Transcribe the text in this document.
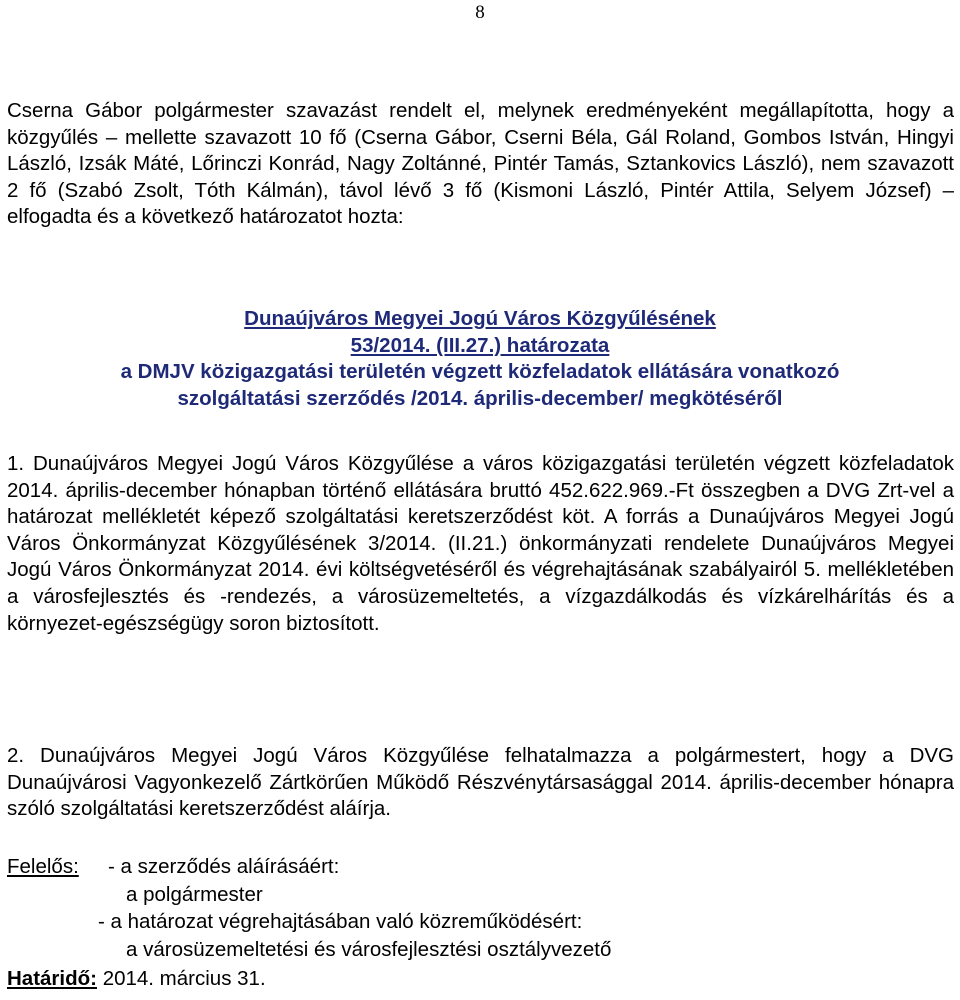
8
Cserna Gábor polgármester szavazást rendelt el, melynek eredményeként megállapította, hogy a közgyűlés – mellette szavazott 10 fő (Cserna Gábor, Cserni Béla, Gál Roland, Gombos István, Hingyi László, Izsák Máté, Lőrinczi Konrád, Nagy Zoltánné, Pintér Tamás, Sztankovics László), nem szavazott 2 fő (Szabó Zsolt, Tóth Kálmán), távol lévő 3 fő (Kismoni László, Pintér Attila, Selyem József) – elfogadta és a következő határozatot hozta:
Dunaújváros Megyei Jogú Város Közgyűlésének
53/2014. (III.27.) határozata
a DMJV közigazgatási területén végzett közfeladatok ellátására vonatkozó
szolgáltatási szerződés /2014. április-december/ megkötéséről
1. Dunaújváros Megyei Jogú Város Közgyűlése a város közigazgatási területén végzett közfeladatok 2014. április-december hónapban történő ellátására bruttó 452.622.969.-Ft összegben a DVG Zrt-vel a határozat mellékletét képező szolgáltatási keretszerződést köt. A forrás a Dunaújváros Megyei Jogú Város Önkormányzat Közgyűlésének 3/2014. (II.21.) önkormányzati rendelete Dunaújváros Megyei Jogú Város Önkormányzat 2014. évi költségvetéséről és végrehajtásának szabályairól 5. mellékletében a városfejlesztés és -rendezés, a városüzemeltetés, a vízgazdálkodás és vízkárelhárítás és a környezet-egészségügy soron biztosított.
2. Dunaújváros Megyei Jogú Város Közgyűlése felhatalmazza a polgármestert, hogy a DVG Dunaújvárosi Vagyonkezelő Zártkörűen Működő Részvénytársasággal 2014. április-december hónapra szóló szolgáltatási keretszerződést aláírja.
Felelős: - a szerződés aláírásáért:
a polgármester
- a határozat végrehajtásában való közreműködésért:
a városüzemeltetési és városfejlesztési osztályvezető
Határidő: 2014. március 31.
